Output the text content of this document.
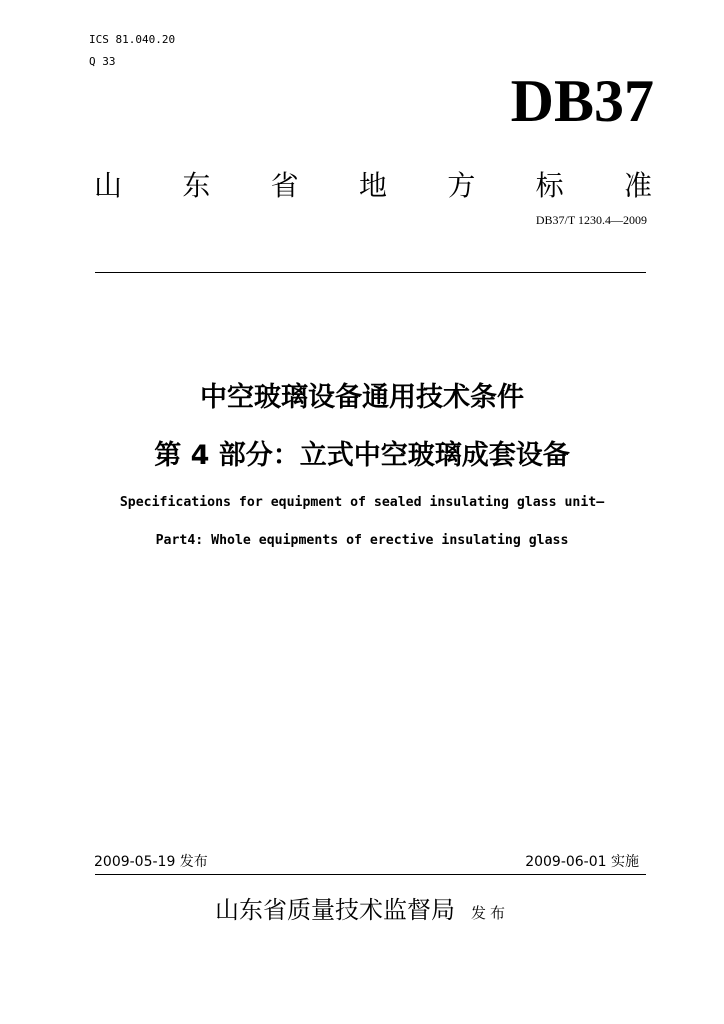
ICS 81.040.20
Q 33
DB37
山 东 省 地 方 标 准
DB37/T 1230.4—2009
中空玻璃设备通用技术条件
第 4 部分：立式中空玻璃成套设备
Specifications for equipment of sealed insulating glass unit—
Part4: Whole equipments of erective insulating glass
2009-05-19 发布	2009-06-01 实施
山东省质量技术监督局 发布
